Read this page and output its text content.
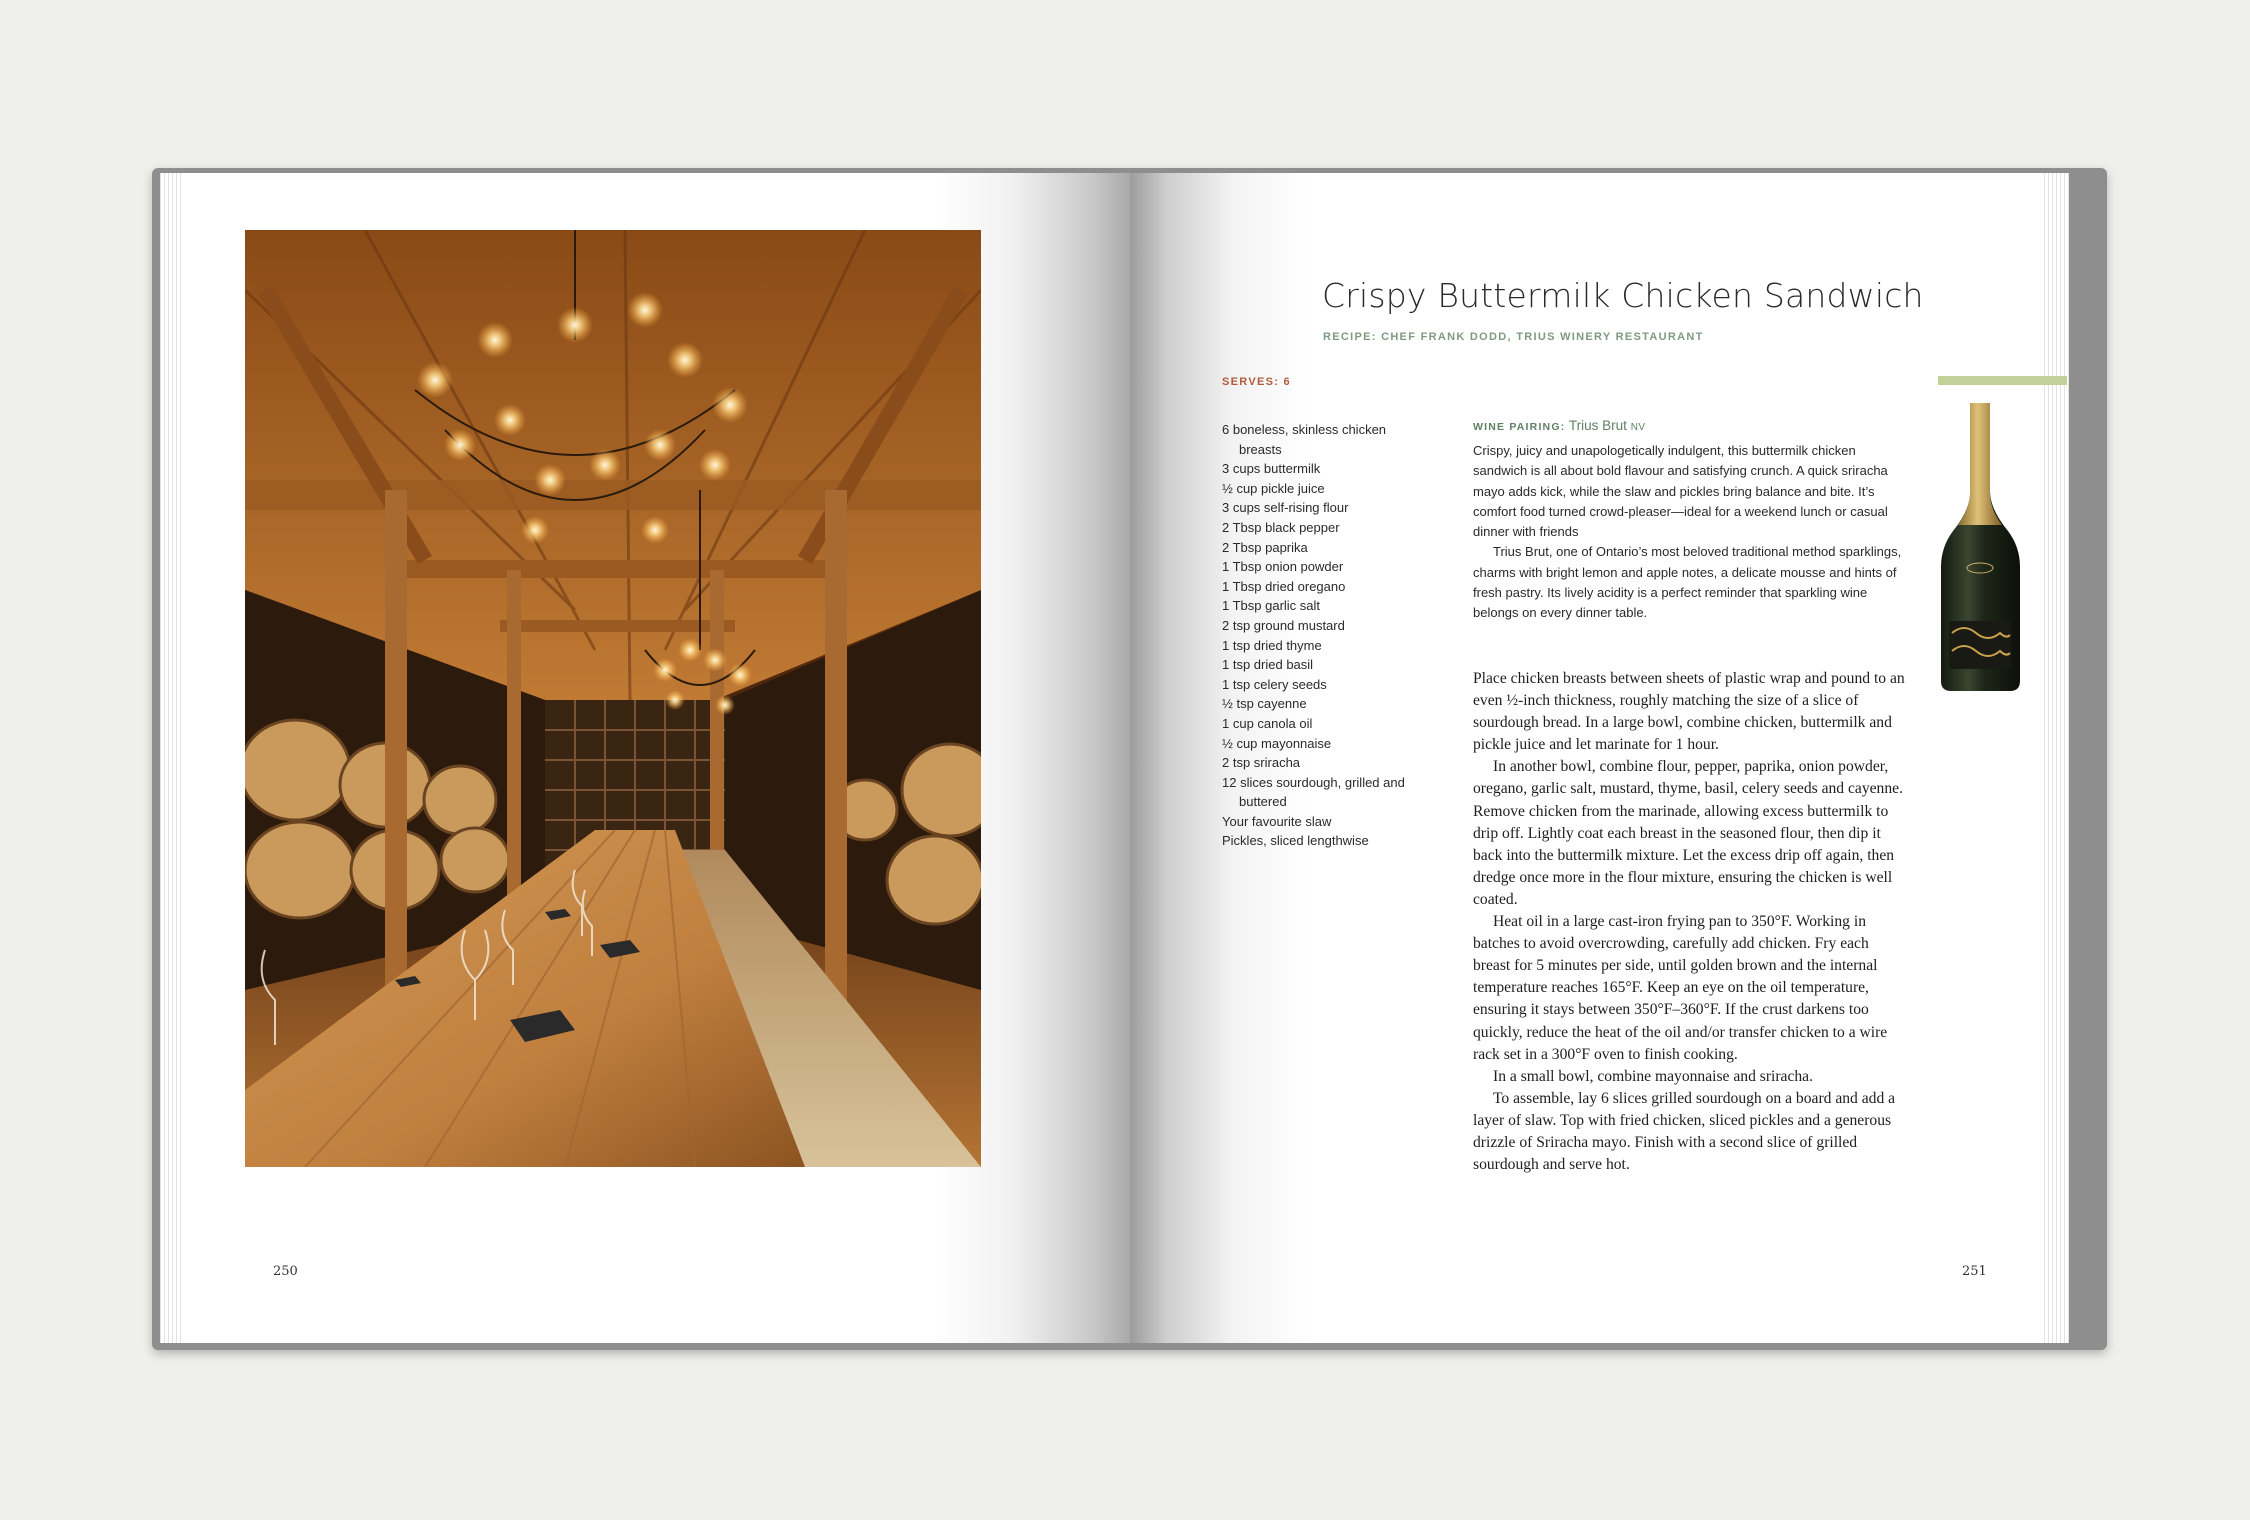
250
Crispy Buttermilk Chicken Sandwich
RECIPE: CHEF FRANK DODD, TRIUS WINERY RESTAURANT
SERVES: 6
6 boneless, skinless chicken breasts
3 cups buttermilk
½ cup pickle juice
3 cups self-rising flour
2 Tbsp black pepper
2 Tbsp paprika
1 Tbsp onion powder
1 Tbsp dried oregano
1 Tbsp garlic salt
2 tsp ground mustard
1 tsp dried thyme
1 tsp dried basil
1 tsp celery seeds
½ tsp cayenne
1 cup canola oil
½ cup mayonnaise
2 tsp sriracha
12 slices sourdough, grilled and buttered
Your favourite slaw
Pickles, sliced lengthwise
WINE PAIRING: Trius Brut NV

Crispy, juicy and unapologetically indulgent, this buttermilk chicken sandwich is all about bold flavour and satisfying crunch. A quick sriracha mayo adds kick, while the slaw and pickles bring balance and bite. It’s comfort food turned crowd-pleaser—ideal for a weekend lunch or casual dinner with friends

Trius Brut, one of Ontario’s most beloved traditional method sparklings, charms with bright lemon and apple notes, a delicate mousse and hints of fresh pastry. Its lively acidity is a perfect reminder that sparkling wine belongs on every dinner table.

Place chicken breasts between sheets of plastic wrap and pound to an even ½-inch thickness, roughly matching the size of a slice of sourdough bread. In a large bowl, combine chicken, buttermilk and pickle juice and let marinate for 1 hour.

In another bowl, combine flour, pepper, paprika, onion powder, oregano, garlic salt, mustard, thyme, basil, celery seeds and cayenne. Remove chicken from the marinade, allowing excess buttermilk to drip off. Lightly coat each breast in the seasoned flour, then dip it back into the buttermilk mixture. Let the excess drip off again, then dredge once more in the flour mixture, ensuring the chicken is well coated.

Heat oil in a large cast-iron frying pan to 350°F. Working in batches to avoid overcrowding, carefully add chicken. Fry each breast for 5 minutes per side, until golden brown and the internal temperature reaches 165°F. Keep an eye on the oil temperature, ensuring it stays between 350°F–360°F. If the crust darkens too quickly, reduce the heat of the oil and/or transfer chicken to a wire rack set in a 300°F oven to finish cooking.

In a small bowl, combine mayonnaise and sriracha.

To assemble, lay 6 slices grilled sourdough on a board and add a layer of slaw. Top with fried chicken, sliced pickles and a generous drizzle of Sriracha mayo. Finish with a second slice of grilled sourdough and serve hot.

251
